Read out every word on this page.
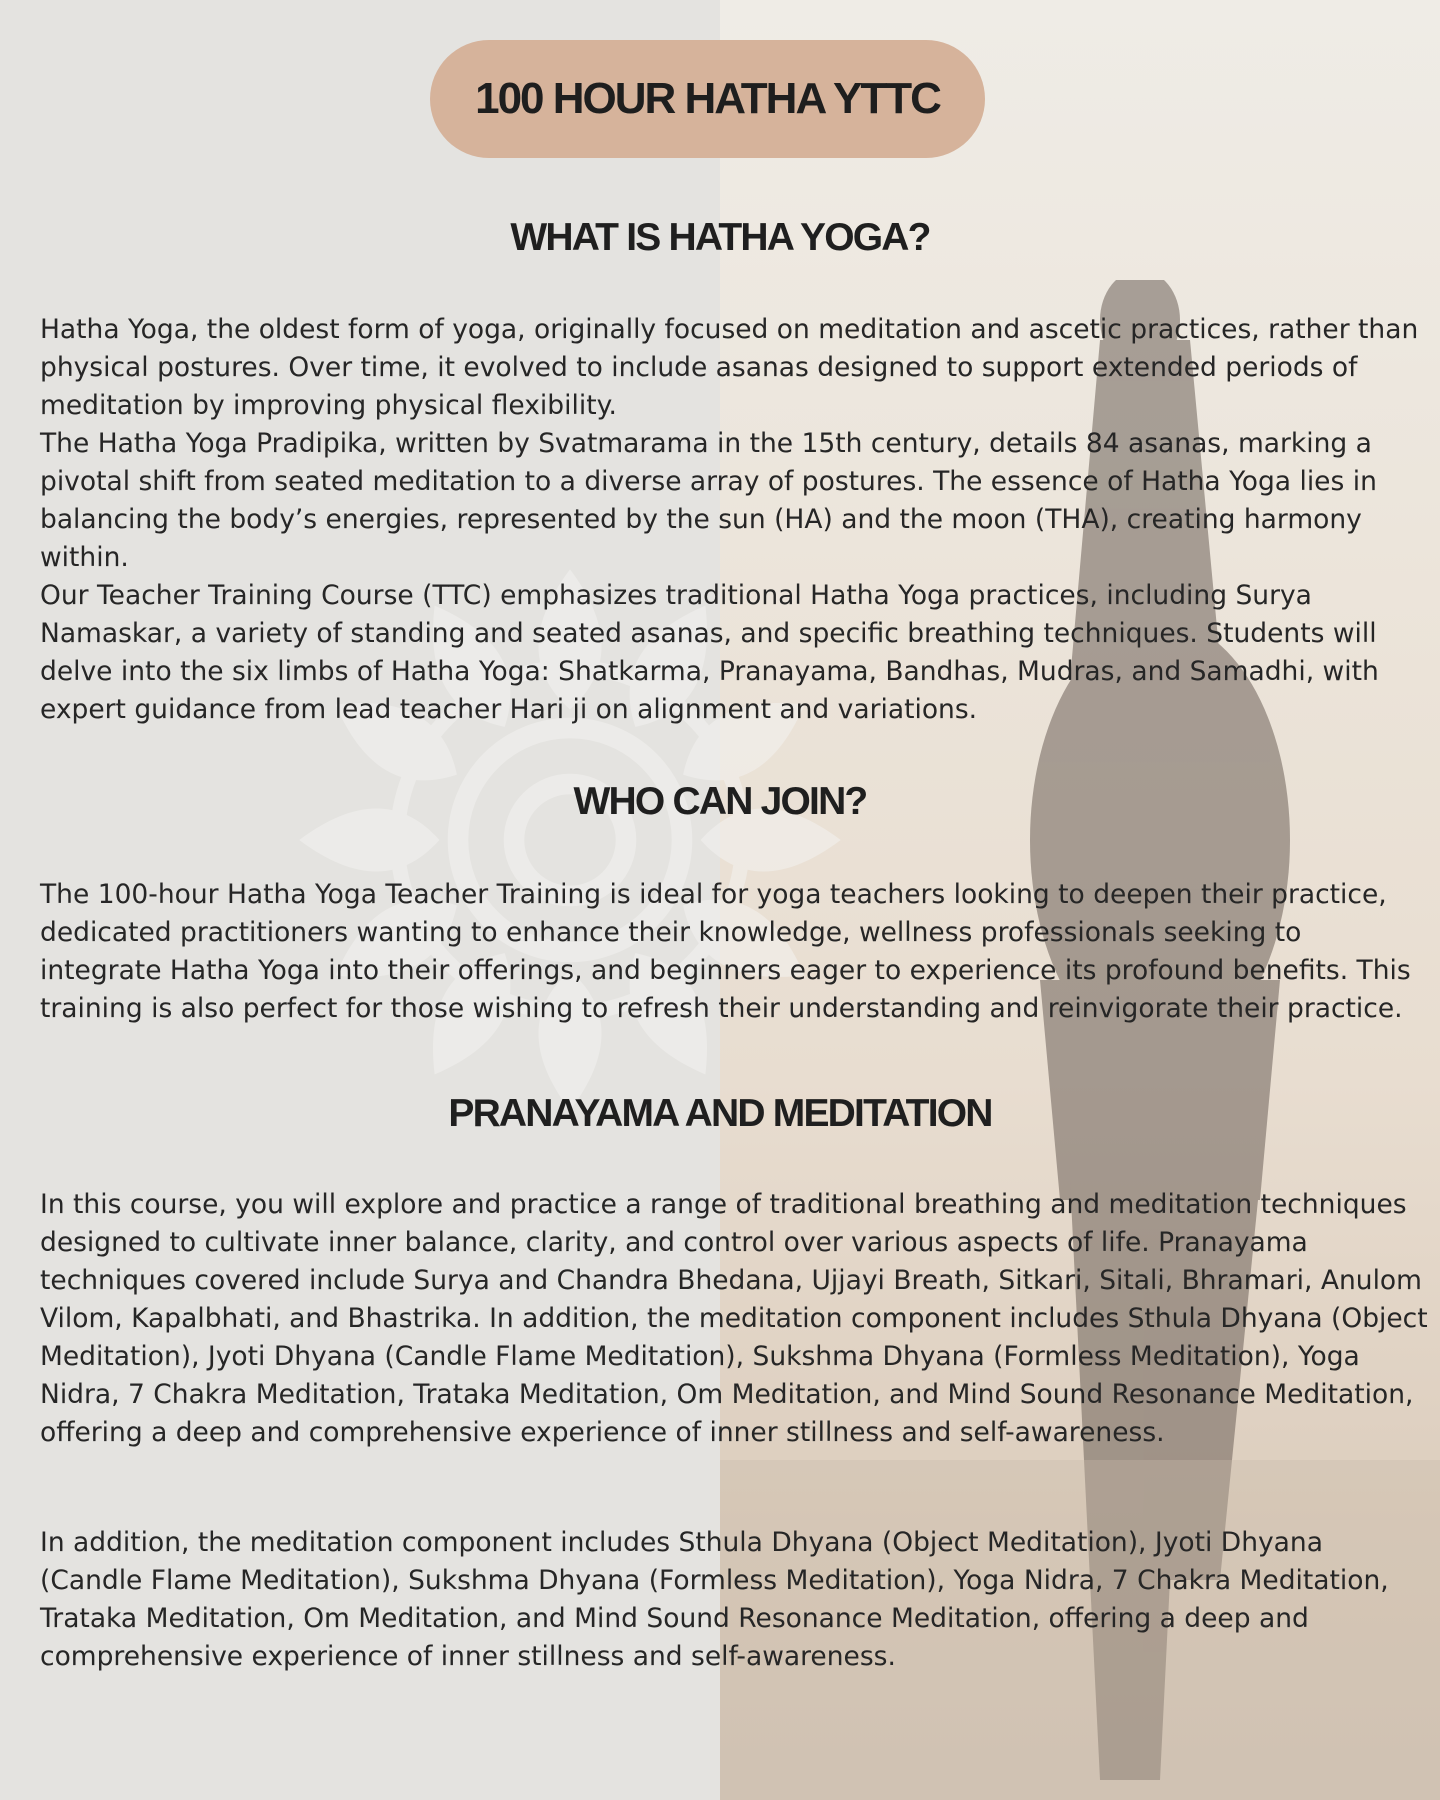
100 HOUR HATHA YTTC
WHAT IS HATHA YOGA?

Hatha Yoga, the oldest form of yoga, originally focused on meditation and ascetic practices, rather than physical postures. Over time, it evolved to include asanas designed to support extended periods of meditation by improving physical flexibility.

The Hatha Yoga Pradipika, written by Svatmarama in the 15th century, details 84 asanas, marking a pivotal shift from seated meditation to a diverse array of postures. The essence of Hatha Yoga lies in balancing the body’s energies, represented by the sun (HA) and the moon (THA), creating harmony within.

Our Teacher Training Course (TTC) emphasizes traditional Hatha Yoga practices, including Surya Namaskar, a variety of standing and seated asanas, and specific breathing techniques. Students will delve into the six limbs of Hatha Yoga: Shatkarma, Pranayama, Bandhas, Mudras, and Samadhi, with expert guidance from lead teacher Hari ji on alignment and variations.

WHO CAN JOIN?

The 100-hour Hatha Yoga Teacher Training is ideal for yoga teachers looking to deepen their practice, dedicated practitioners wanting to enhance their knowledge, wellness professionals seeking to integrate Hatha Yoga into their offerings, and beginners eager to experience its profound benefits. This training is also perfect for those wishing to refresh their understanding and reinvigorate their practice.

PRANAYAMA AND MEDITATION

In this course, you will explore and practice a range of traditional breathing and meditation techniques designed to cultivate inner balance, clarity, and control over various aspects of life. Pranayama techniques covered include Surya and Chandra Bhedana, Ujjayi Breath, Sitkari, Sitali, Bhramari, Anulom Vilom, Kapalbhati, and Bhastrika. In addition, the meditation component includes Sthula Dhyana (Object Meditation), Jyoti Dhyana (Candle Flame Meditation), Sukshma Dhyana (Formless Meditation), Yoga Nidra, 7 Chakra Meditation, Trataka Meditation, Om Meditation, and Mind Sound Resonance Meditation, offering a deep and comprehensive experience of inner stillness and self-awareness.

In addition, the meditation component includes Sthula Dhyana (Object Meditation), Jyoti Dhyana (Candle Flame Meditation), Sukshma Dhyana (Formless Meditation), Yoga Nidra, 7 Chakra Meditation, Trataka Meditation, Om Meditation, and Mind Sound Resonance Meditation, offering a deep and comprehensive experience of inner stillness and self-awareness.
